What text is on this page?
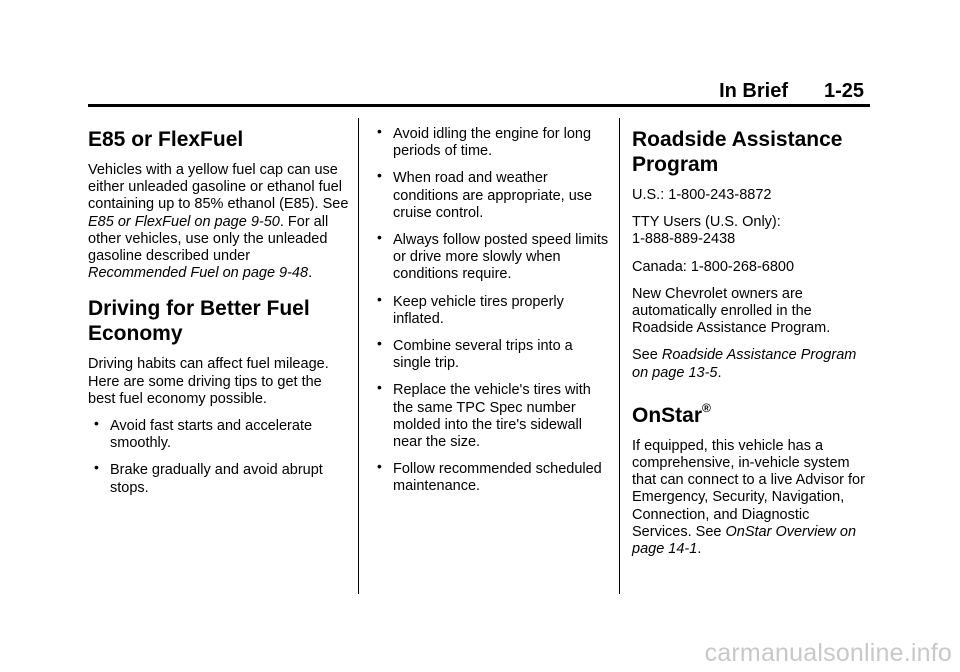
In Brief 1-25
E85 or FlexFuel

Vehicles with a yellow fuel cap can use either unleaded gasoline or ethanol fuel containing up to 85% ethanol (E85). See E85 or FlexFuel on page 9-50. For all other vehicles, use only the unleaded gasoline described under Recommended Fuel on page 9-48.

Driving for Better Fuel Economy

Driving habits can affect fuel mileage. Here are some driving tips to get the best fuel economy possible.

• Avoid fast starts and accelerate smoothly.
• Brake gradually and avoid abrupt stops.
• Avoid idling the engine for long periods of time.
• When road and weather conditions are appropriate, use cruise control.
• Always follow posted speed limits or drive more slowly when conditions require.
• Keep vehicle tires properly inflated.
• Combine several trips into a single trip.
• Replace the vehicle's tires with the same TPC Spec number molded into the tire's sidewall near the size.
• Follow recommended scheduled maintenance.
Roadside Assistance Program

U.S.: 1-800-243-8872

TTY Users (U.S. Only):
1-888-889-2438

Canada: 1-800-268-6800

New Chevrolet owners are automatically enrolled in the Roadside Assistance Program.

See Roadside Assistance Program on page 13-5.

OnStar®

If equipped, this vehicle has a comprehensive, in-vehicle system that can connect to a live Advisor for Emergency, Security, Navigation, Connection, and Diagnostic Services. See OnStar Overview on page 14-1.

carmanualsonline.info
